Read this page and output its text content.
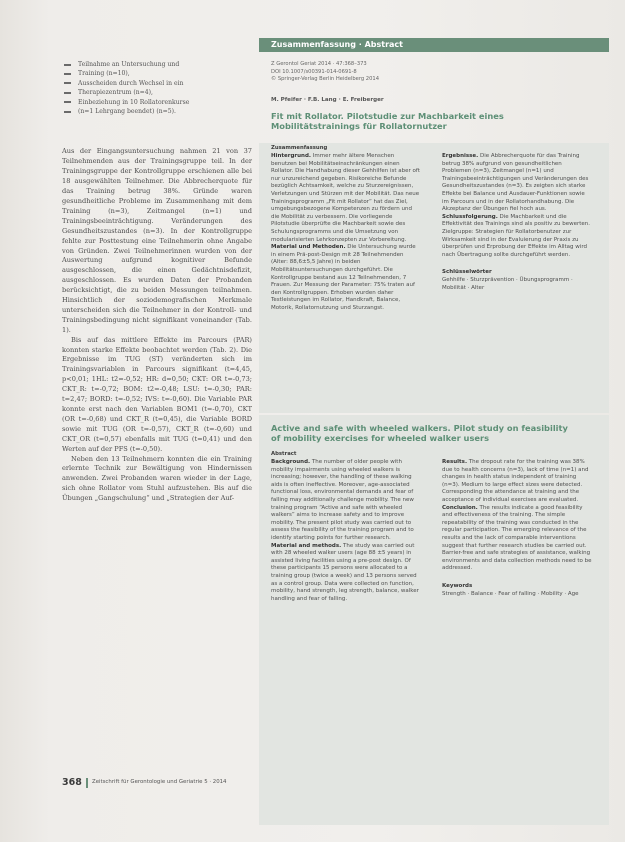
Teilnahme an Untersuchung und
Training (n=10),
Ausscheiden durch Wechsel in ein
Therapiezentrum (n=4),
Einbeziehung in 10 Rollatorenkurse
(n=1 Lehrgang beendet) (n=5).

Aus der Eingangsuntersuchung nahmen 21 von 37 Teilnehmenden aus der Trainingsgruppe teil. In der Trainingsgruppe der Kontrollgruppe erschienen alle bei 18 ausgewählten Teilnehmer. Die Abbrecherquote für das Training betrug 38%. Gründe waren gesundheitliche Probleme im Zusammenhang mit dem Training (n=3), Zeitmangel (n=1) und Trainingsbeeinträchtigung. Veränderungen des Gesundheitszustandes (n=3). In der Kontrollgruppe fehlte zur Posttestung eine Teilnehmerin ohne Angabe von Gründen. Zwei Teilnehmerinnen wurden von der Auswertung aufgrund kognitiver Befunde ausgeschlossen, die einen Gedächtnisdefizit, ausgeschlossen. Es wurden Daten der Probanden berücksichtigt, die zu beiden Messungen teilnahmen. Hinsichtlich der soziodemografischen Merkmale unterscheiden sich die Teilnehmer in der Kontroll- und Trainingsbedingung nicht signifikant voneinander (Tab. 1).

Bis auf das mittlere Effekte im Parcours (PAR) konnten starke Effekte beobachtet werden (Tab. 2). Die Ergebnisse im TUG (ST) veränderten sich im Trainingsvariablen in Parcours signifikant (t=4,45, p<0,01; 1HL: t2=-0,52; HR: d=0,50; CKT: OR t=-0,73; CKT_R: t=-0,72; BOM: t2=-0,48; LSU: t=-0,30; PAR: t=2,47; BORD: t=-0,52; IVS: t=-0,60). Die Variable PAR konnte erst nach den Variablen BOM1 (t=-0,70), CKT (OR t=-0,68) und CKT_R (t=0,45), die Variable BORD sowie mit TUG (OR t=-0,57), CKT_R (t=-0,60) und CKT_OR (t=0,57) ebenfalls mit TUG (t=0,41) und den Werten auf der PFS (t=-0,50).

Neben den 13 Teilnehmern konnten die ein Training erlernte Technik zur Bewältigung von Hindernissen anwenden. Zwei Probanden waren wieder in der Lage, sich ohne Rollator vom Stuhl aufzustehen. Bis auf die Übungen „Gangschulung“ und „Strategien der Auf-

Zusammenfassung · Abstract
Z Gerontol Geriat 2014 · 47:368–373
DOI 10.1007/s00391-014-0691-8
© Springer-Verlag Berlin Heidelberg 2014
M. Pfeifer · F.B. Lang · E. Freiberger
Fit mit Rollator. Pilotstudie zur Machbarkeit eines Mobilitätstrainings für Rollatornutzer
Zusammenfassung

Hintergrund. Immer mehr ältere Menschen benutzen bei Mobilitätseinschränkungen einen Rollator. Die Handhabung dieser Gehhilfen ist aber oft nur unzureichend gegeben. Risikoreiche Befunde bezüglich Achtsamkeit, welche zu Sturzereignissen, Verletzungen und Stürzen mit der Mobilität. Das neue Trainingsprogramm „Fit mit Rollator“ hat das Ziel, umgebungsbezogene Kompetenzen zu fördern und die Mobilität zu verbessern. Die vorliegende Pilotstudie überprüfte die Machbarkeit sowie des Schulungsprogramms und die Umsetzung von modularisierten Lehrkonzepten zur Vorbereitung.

Material und Methoden. Die Untersuchung wurde in einem Prä-post-Design mit 28 Teilnehmenden (Alter: 88,6±5,5 Jahre) in beiden Mobilitätsuntersuchungen durchgeführt. Die Kontrollgruppe bestand aus 12 Teilnehmenden, 7 Frauen. Zur Messung der Parameter: 75% traten auf den Kontrollgruppen. Erhoben wurden daher Testleistungen im Rollator, Handkraft, Balance, Motorik, Rollatornutzung und Sturzangst.

Ergebnisse. Die Abbrecherquote für das Training betrug 38% aufgrund von gesundheitlichen Problemen (n=3), Zeitmangel (n=1) und Trainingsbeeinträchtigungen und Veränderungen des Gesundheitszustandes (n=3). Es zeigten sich starke Effekte bei Balance und Ausdauer-Funktionen sowie im Parcours und in der Rollatorhandhabung. Die Akzeptanz der Übungen fiel hoch aus.

Schlussfolgerung. Die Machbarkeit und die Effektivität des Trainings sind als positiv zu bewerten. Zielgruppe: Strategien für Rollatorbenutzer zur Wirksamkeit sind in der Evaluierung der Praxis zu überprüfen und Erprobung der Effekte im Alltag wird nach Übertragung sollte durchgeführt werden.

Schlüsselwörter

Gehhilfe · Sturzprävention · Übungsprogramm · Mobilität · Alter

Active and safe with wheeled walkers. Pilot study on feasibility of mobility exercises for wheeled walker users
Abstract

Background. The number of older people with mobility impairments using wheeled walkers is increasing; however, the handling of these walking aids is often ineffective. Moreover, age-associated functional loss, environmental demands and fear of falling may additionally challenge mobility. The new training program “Active and safe with wheeled walkers” aims to increase safety and to improve mobility. The present pilot study was carried out to assess the feasibility of the training program and to identify starting points for further research.

Material and methods. The study was carried out with 28 wheeled walker users (age 88 ±5 years) in assisted living facilities using a pre-post design. Of these participants 15 persons were allocated to a training group (twice a week) and 13 persons served as a control group. Data were collected on function, mobility, hand strength, leg strength, balance, walker handling and fear of falling.

Results. The dropout rate for the training was 38% due to health concerns (n=3), lack of time (n=1) and changes in health status independent of training (n=3). Medium to large effect sizes were detected. Corresponding the attendance at training and the acceptance of individual exercises are evaluated.

Conclusion. The results indicate a good feasibility and effectiveness of the training. The simple repeatability of the training was conducted in the regular participation. The emerging relevance of the results and the lack of comparable interventions suggest that further research studies be carried out. Barrier-free and safe strategies of assistance, walking environments and data collection methods need to be addressed.

Keywords

Strength · Balance · Fear of falling · Mobility · Age

368 Zeitschrift für Gerontologie und Geriatrie 5 · 2014
